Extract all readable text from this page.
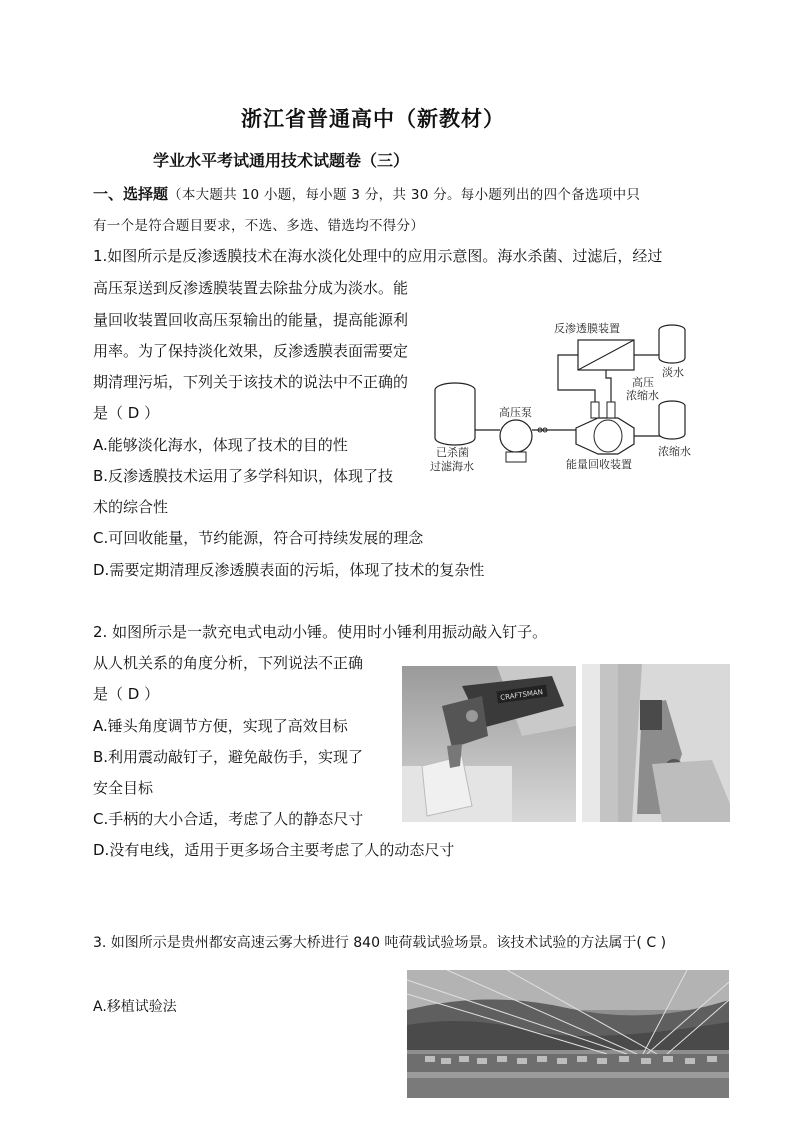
浙江省普通高中（新教材）
学业水平考试通用技术试题卷（三）
一、选择题（本大题共 10 小题，每小题 3 分，共 30 分。每小题列出的四个备选项中只
有一个是符合题目要求，不选、多选、错选均不得分）
1.如图所示是反渗透膜技术在海水淡化处理中的应用示意图。海水杀菌、过滤后，经过
高压泵送到反渗透膜装置去除盐分成为淡水。能
量回收装置回收高压泵输出的能量，提高能源利
用率。为了保持淡化效果，反渗透膜表面需要定
期清理污垢，下列关于该技术的说法中不正确的
是（ D ）
A.能够淡化海水，体现了技术的目的性
B.反渗透膜技术运用了多学科知识，体现了技
术的综合性
C.可回收能量，节约能源，符合可持续发展的理念
D.需要定期清理反渗透膜表面的污垢，体现了技术的复杂性
已杀菌
过滤海水
高压泵
能量回收装置
反渗透膜装置
淡水
高压
浓缩水
浓缩水
2. 如图所示是一款充电式电动小锤。使用时小锤利用振动敲入钉子。
从人机关系的角度分析，下列说法不正确
是（ D ）
A.锤头角度调节方便，实现了高效目标
B.利用震动敲钉子，避免敲伤手，实现了
安全目标
C.手柄的大小合适，考虑了人的静态尺寸
D.没有电线，适用于更多场合主要考虑了人的动态尺寸
CRAFTSMAN
3. 如图所示是贵州都安高速云雾大桥进行 840 吨荷载试验场景。该技术试验的方法属于( C )
A.移植试验法
